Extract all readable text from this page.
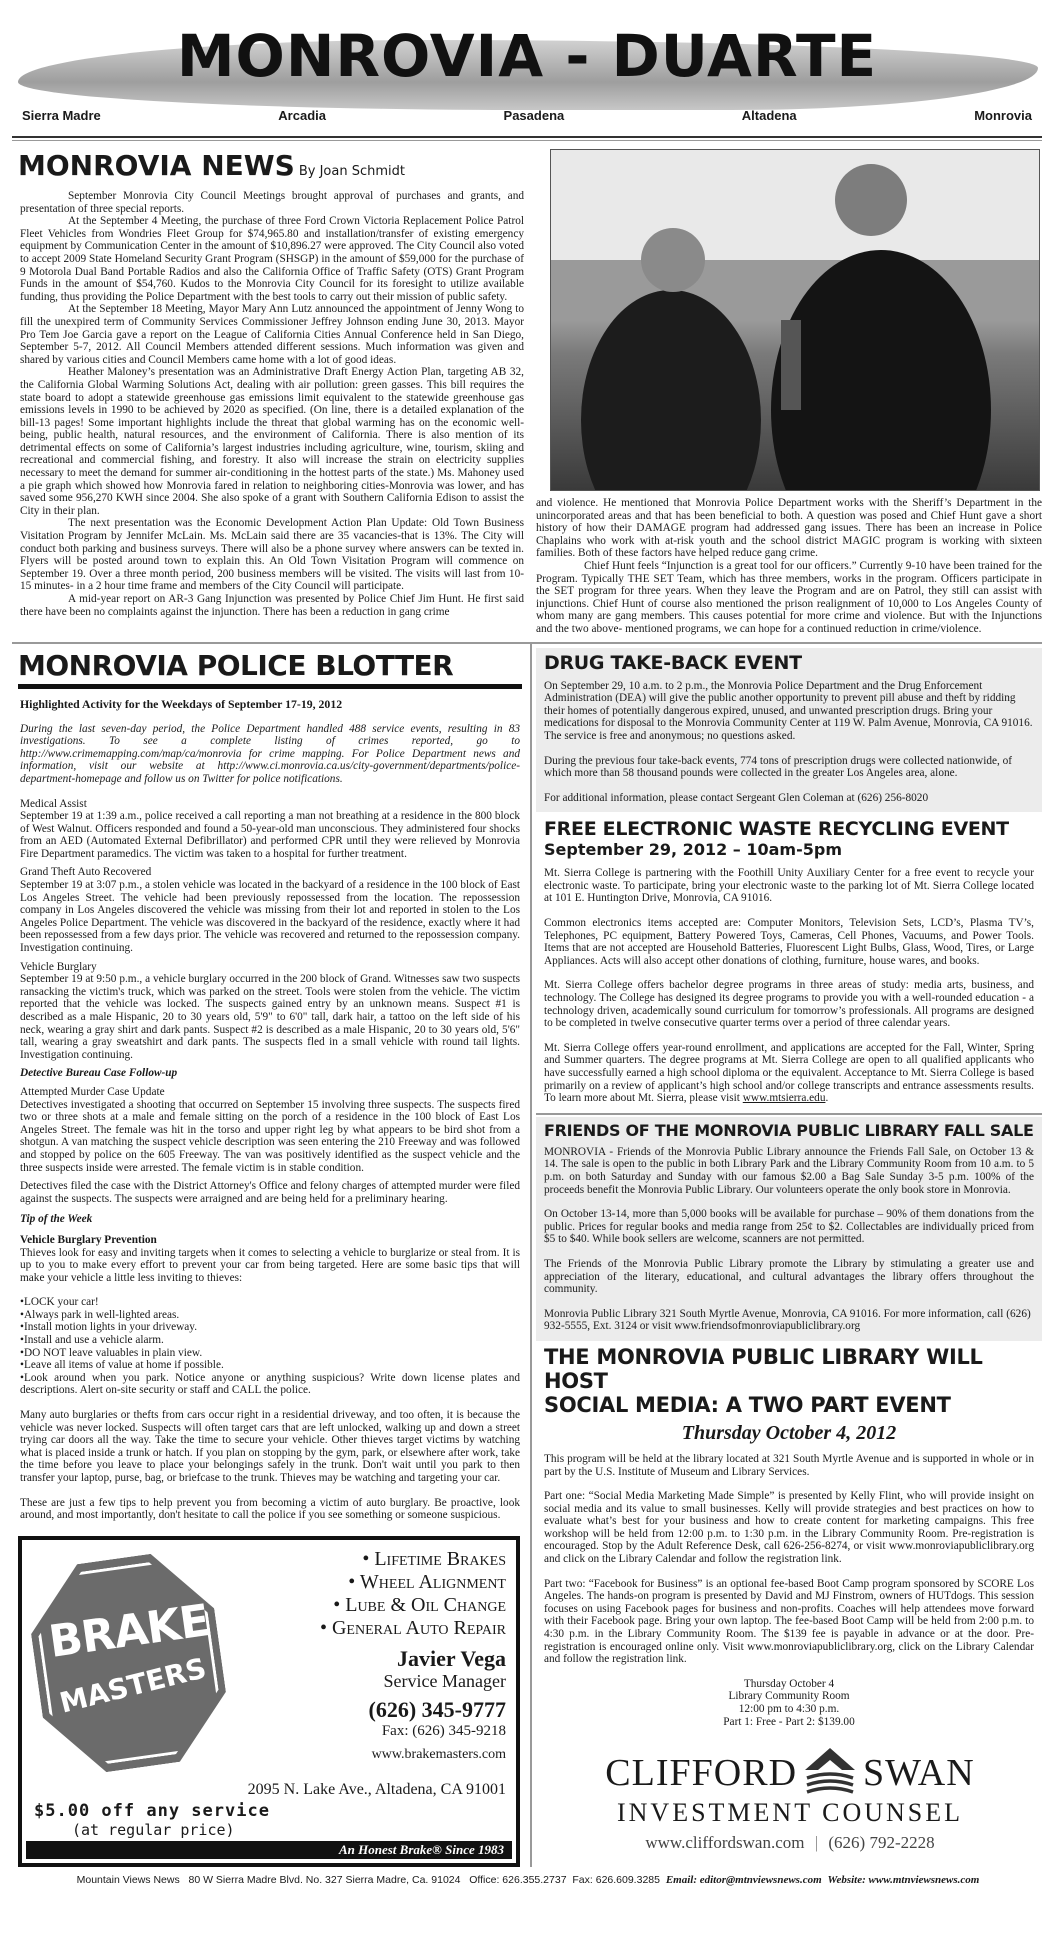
MONROVIA - DUARTE
Sierra Madre	Arcadia	Pasadena	Altadena	Monrovia
MONROVIA NEWS By Joan Schmidt

September Monrovia City Council Meetings brought approval of purchases and grants, and presentation of three special reports.

At the September 4 Meeting, the purchase of three Ford Crown Victoria Replacement Police Patrol Fleet Vehicles from Wondries Fleet Group for $74,965.80 and installation/transfer of existing emergency equipment by Communication Center in the amount of $10,896.27 were approved. The City Council also voted to accept 2009 State Homeland Security Grant Program (SHSGP) in the amount of $59,000 for the purchase of 9 Motorola Dual Band Portable Radios and also the California Office of Traffic Safety (OTS) Grant Program Funds in the amount of $54,760. Kudos to the Monrovia City Council for its foresight to utilize available funding, thus providing the Police Department with the best tools to carry out their mission of public safety.

At the September 18 Meeting, Mayor Mary Ann Lutz announced the appointment of Jenny Wong to fill the unexpired term of Community Services Commissioner Jeffrey Johnson ending June 30, 2013. Mayor Pro Tem Joe Garcia gave a report on the League of California Cities Annual Conference held in San Diego, September 5-7, 2012. All Council Members attended different sessions. Much information was given and shared by various cities and Council Members came home with a lot of good ideas.

Heather Maloney’s presentation was an Administrative Draft Energy Action Plan, targeting AB 32, the California Global Warming Solutions Act, dealing with air pollution: green gasses. This bill requires the state board to adopt a statewide greenhouse gas emissions limit equivalent to the statewide greenhouse gas emissions levels in 1990 to be achieved by 2020 as specified. (On line, there is a detailed explanation of the bill-13 pages! Some important highlights include the threat that global warming has on the economic well-being, public health, natural resources, and the environment of California. There is also mention of its detrimental effects on some of California’s largest industries including agriculture, wine, tourism, skiing and recreational and commercial fishing, and forestry. It also will increase the strain on electricity supplies necessary to meet the demand for summer air-conditioning in the hottest parts of the state.) Ms. Mahoney used a pie graph which showed how Monrovia fared in relation to neighboring cities-Monrovia was lower, and has saved some 956,270 KWH since 2004. She also spoke of a grant with Southern California Edison to assist the City in their plan.

The next presentation was the Economic Development Action Plan Update: Old Town Business Visitation Program by Jennifer McLain. Ms. McLain said there are 35 vacancies-that is 13%. The City will conduct both parking and business surveys. There will also be a phone survey where answers can be texted in. Flyers will be posted around town to explain this. An Old Town Visitation Program will commence on September 19. Over a three month period, 200 business members will be visited. The visits will last from 10-15 minutes- in a 2 hour time frame and members of the City Council will participate.

A mid-year report on AR-3 Gang Injunction was presented by Police Chief Jim Hunt. He first said there have been no complaints against the injunction. There has been a reduction in gang crime

and violence. He mentioned that Monrovia Police Department works with the Sheriff’s Department in the unincorporated areas and that has been beneficial to both. A question was posed and Chief Hunt gave a short history of how their DAMAGE program had addressed gang issues. There has been an increase in Police Chaplains who work with at-risk youth and the school district MAGIC program is working with sixteen families. Both of these factors have helped reduce gang crime.

Chief Hunt feels “Injunction is a great tool for our officers.” Currently 9-10 have been trained for the Program. Typically THE SET Team, which has three members, works in the program. Officers participate in the SET program for three years. When they leave the Program and are on Patrol, they still can assist with injunctions. Chief Hunt of course also mentioned the prison realignment of 10,000 to Los Angeles County of whom many are gang members. This causes potential for more crime and violence. But with the Injunctions and the two above- mentioned programs, we can hope for a continued reduction in crime/violence.

MONROVIA POLICE BLOTTER

Highlighted Activity for the Weekdays of September 17-19, 2012

During the last seven-day period, the Police Department handled 488 service events, resulting in 83 investigations. To see a complete listing of crimes reported, go to http://www.crimemapping.com/map/ca/monrovia for crime mapping. For Police Department news and information, visit our website at http://www.ci.monrovia.ca.us/city-government/departments/police-department-homepage and follow us on Twitter for police notifications.

Medical Assist

September 19 at 1:39 a.m., police received a call reporting a man not breathing at a residence in the 800 block of West Walnut. Officers responded and found a 50-year-old man unconscious. They administered four shocks from an AED (Automated External Defibrillator) and performed CPR until they were relieved by Monrovia Fire Department paramedics. The victim was taken to a hospital for further treatment.

Grand Theft Auto Recovered

September 19 at 3:07 p.m., a stolen vehicle was located in the backyard of a residence in the 100 block of East Los Angeles Street. The vehicle had been previously repossessed from the location. The repossession company in Los Angeles discovered the vehicle was missing from their lot and reported in stolen to the Los Angeles Police Department. The vehicle was discovered in the backyard of the residence, exactly where it had been repossessed from a few days prior. The vehicle was recovered and returned to the repossession company. Investigation continuing.

Vehicle Burglary

September 19 at 9:50 p.m., a vehicle burglary occurred in the 200 block of Grand. Witnesses saw two suspects ransacking the victim's truck, which was parked on the street. Tools were stolen from the vehicle. The victim reported that the vehicle was locked. The suspects gained entry by an unknown means. Suspect #1 is described as a male Hispanic, 20 to 30 years old, 5'9" to 6'0" tall, dark hair, a tattoo on the left side of his neck, wearing a gray shirt and dark pants. Suspect #2 is described as a male Hispanic, 20 to 30 years old, 5'6" tall, wearing a gray sweatshirt and dark pants. The suspects fled in a small vehicle with round tail lights. Investigation continuing.

Detective Bureau Case Follow-up

Attempted Murder Case Update

Detectives investigated a shooting that occurred on September 15 involving three suspects. The suspects fired two or three shots at a male and female sitting on the porch of a residence in the 100 block of East Los Angeles Street. The female was hit in the torso and upper right leg by what appears to be bird shot from a shotgun. A van matching the suspect vehicle description was seen entering the 210 Freeway and was followed and stopped by police on the 605 Freeway. The van was positively identified as the suspect vehicle and the three suspects inside were arrested. The female victim is in stable condition.

Detectives filed the case with the District Attorney's Office and felony charges of attempted murder were filed against the suspects. The suspects were arraigned and are being held for a preliminary hearing.

Tip of the Week

Vehicle Burglary Prevention

Thieves look for easy and inviting targets when it comes to selecting a vehicle to burglarize or steal from. It is up to you to make every effort to prevent your car from being targeted. Here are some basic tips that will make your vehicle a little less inviting to thieves:

•LOCK your car!

•Always park in well-lighted areas.

•Install motion lights in your driveway.

•Install and use a vehicle alarm.

•DO NOT leave valuables in plain view.

•Leave all items of value at home if possible.

•Look around when you park. Notice anyone or anything suspicious? Write down license plates and descriptions. Alert on-site security or staff and CALL the police.

Many auto burglaries or thefts from cars occur right in a residential driveway, and too often, it is because the vehicle was never locked. Suspects will often target cars that are left unlocked, walking up and down a street trying car doors all the way. Take the time to secure your vehicle. Other thieves target victims by watching what is placed inside a trunk or hatch. If you plan on stopping by the gym, park, or elsewhere after work, take the time before you leave to place your belongings safely in the trunk. Don't wait until you park to then transfer your laptop, purse, bag, or briefcase to the trunk. Thieves may be watching and targeting your car.

These are just a few tips to help prevent you from becoming a victim of auto burglary. Be proactive, look around, and most importantly, don't hesitate to call the police if you see something or someone suspicious.

BRAKE
MASTERS
• Lifetime Brakes
• Wheel Alignment
• Lube & Oil Change
• General Auto Repair
Javier Vega
Service Manager
(626) 345-9777
Fax: (626) 345-9218
www.brakemasters.com
2095 N. Lake Ave., Altadena, CA 91001
$5.00 off any service
(at regular price)
An Honest Brake® Since 1983
DRUG TAKE-BACK EVENT

On September 29, 10 a.m. to 2 p.m., the Monrovia Police Department and the Drug Enforcement Administration (DEA) will give the public another opportunity to prevent pill abuse and theft by ridding their homes of potentially dangerous expired, unused, and unwanted prescription drugs. Bring your medications for disposal to the Monrovia Community Center at 119 W. Palm Avenue, Monrovia, CA 91016. The service is free and anonymous; no questions asked.

During the previous four take-back events, 774 tons of prescription drugs were collected nationwide, of which more than 58 thousand pounds were collected in the greater Los Angeles area, alone.

For additional information, please contact Sergeant Glen Coleman at (626) 256-8020

FREE ELECTRONIC WASTE RECYCLING EVENT
September 29, 2012 – 10am-5pm

Mt. Sierra College is partnering with the Foothill Unity Auxiliary Center for a free event to recycle your electronic waste. To participate, bring your electronic waste to the parking lot of Mt. Sierra College located at 101 E. Huntington Drive, Monrovia, CA 91016.

Common electronics items accepted are: Computer Monitors, Television Sets, LCD’s, Plasma TV’s, Telephones, PC equipment, Battery Powered Toys, Cameras, Cell Phones, Vacuums, and Power Tools. Items that are not accepted are Household Batteries, Fluorescent Light Bulbs, Glass, Wood, Tires, or Large Appliances. Acts will also accept other donations of clothing, furniture, house wares, and books.

Mt. Sierra College offers bachelor degree programs in three areas of study: media arts, business, and technology. The College has designed its degree programs to provide you with a well-rounded education - a technology driven, academically sound curriculum for tomorrow’s professionals. All programs are designed to be completed in twelve consecutive quarter terms over a period of three calendar years.

Mt. Sierra College offers year-round enrollment, and applications are accepted for the Fall, Winter, Spring and Summer quarters. The degree programs at Mt. Sierra College are open to all qualified applicants who have successfully earned a high school diploma or the equivalent. Acceptance to Mt. Sierra College is based primarily on a review of applicant’s high school and/or college transcripts and entrance assessments results. To learn more about Mt. Sierra, please visit www.mtsierra.edu.

FRIENDS OF THE MONROVIA PUBLIC LIBRARY FALL SALE

MONROVIA - Friends of the Monrovia Public Library announce the Friends Fall Sale, on October 13 & 14. The sale is open to the public in both Library Park and the Library Community Room from 10 a.m. to 5 p.m. on both Saturday and Sunday with our famous $2.00 a Bag Sale Sunday 3-5 p.m. 100% of the proceeds benefit the Monrovia Public Library. Our volunteers operate the only book store in Monrovia.

On October 13-14, more than 5,000 books will be available for purchase – 90% of them donations from the public. Prices for regular books and media range from 25¢ to $2. Collectables are individually priced from $5 to $40. While book sellers are welcome, scanners are not permitted.

The Friends of the Monrovia Public Library promote the Library by stimulating a greater use and appreciation of the literary, educational, and cultural advantages the library offers throughout the community.

Monrovia Public Library 321 South Myrtle Avenue, Monrovia, CA 91016. For more information, call (626) 932-5555, Ext. 3124 or visit www.friendsofmonroviapubliclibrary.org

THE MONROVIA PUBLIC LIBRARY WILL HOST
SOCIAL MEDIA: A TWO PART EVENT
Thursday October 4, 2012

This program will be held at the library located at 321 South Myrtle Avenue and is supported in whole or in part by the U.S. Institute of Museum and Library Services.

Part one: “Social Media Marketing Made Simple” is presented by Kelly Flint, who will provide insight on social media and its value to small businesses. Kelly will provide strategies and best practices on how to evaluate what’s best for your business and how to create content for marketing campaigns. This free workshop will be held from 12:00 p.m. to 1:30 p.m. in the Library Community Room. Pre-registration is encouraged. Stop by the Adult Reference Desk, call 626-256-8274, or visit www.monroviapubliclibrary.org and click on the Library Calendar and follow the registration link.

Part two: “Facebook for Business” is an optional fee-based Boot Camp program sponsored by SCORE Los Angeles. The hands-on program is presented by David and MJ Finstrom, owners of HUTdogs. This session focuses on using Facebook pages for business and non-profits. Coaches will help attendees move forward with their Facebook page. Bring your own laptop. The fee-based Boot Camp will be held from 2:00 p.m. to 4:30 p.m. in the Library Community Room. The $139 fee is payable in advance or at the door. Pre-registration is encouraged online only. Visit www.monroviapubliclibrary.org, click on the Library Calendar and follow the registration link.

Thursday October 4
Library Community Room
12:00 pm to 4:30 p.m.
Part 1: Free - Part 2: $139.00
CLIFFORD SWAN
INVESTMENT COUNSEL
www.cliffordswan.com | (626) 792-2228
Mountain Views News 80 W Sierra Madre Blvd. No. 327 Sierra Madre, Ca. 91024 Office: 626.355.2737 Fax: 626.609.3285 Email: editor@mtnviewsnews.com Website: www.mtnviewsnews.com
